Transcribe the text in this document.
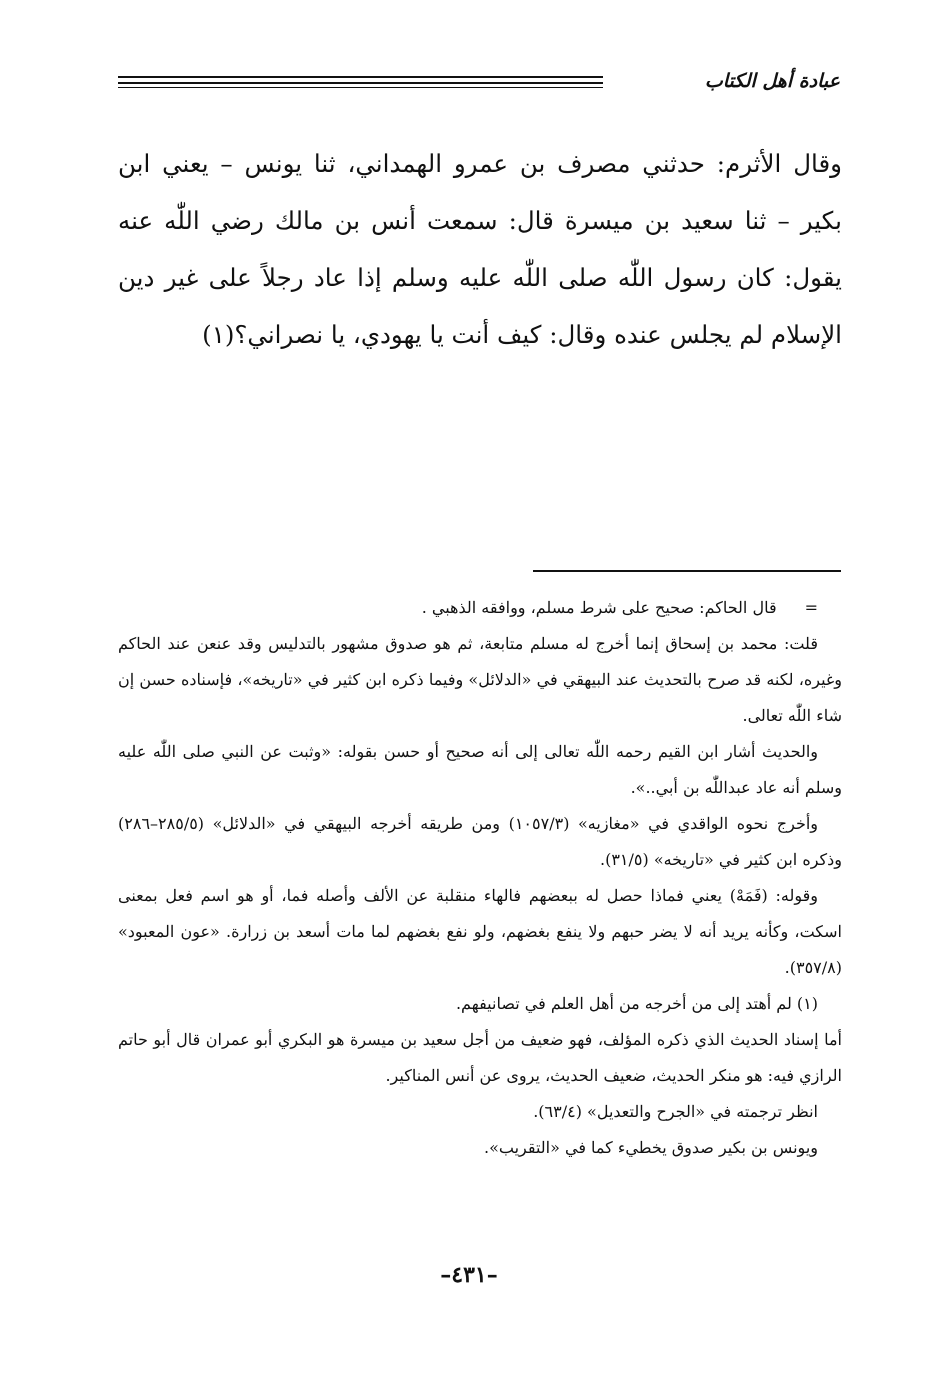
عبادة أهل الكتاب

وقال الأثرم: حدثني مصرف بن عمرو الهمداني، ثنا يونس – يعني ابن بكير – ثنا سعيد بن ميسرة قال: سمعت أنس بن مالك رضي اللّٰه عنه يقول: كان رسول اللّٰه صلى اللّٰه عليه وسلم إذا عاد رجلاً على غير دين الإسلام لم يجلس عنده وقال: كيف أنت يا يهودي، يا نصراني؟(١)

=قال الحاكم: صحيح على شرط مسلم، ووافقه الذهبي .

قلت: محمد بن إسحاق إنما أخرج له مسلم متابعة، ثم هو صدوق مشهور بالتدليس وقد عنعن عند الحاكم وغيره، لكنه قد صرح بالتحديث عند البيهقي في «الدلائل» وفيما ذكره ابن كثير في «تاريخه»، فإسناده حسن إن شاء اللّٰه تعالى.

والحديث أشار ابن القيم رحمه اللّٰه تعالى إلى أنه صحيح أو حسن بقوله: «وثبت عن النبي صلى اللّٰه عليه وسلم أنه عاد عبداللّٰه بن أبي..».

وأخرج نحوه الواقدي في «مغازيه» (١٠٥٧/٣) ومن طريقه أخرجه البيهقي في «الدلائل» (٢٨٥/٥–٢٨٦) وذكره ابن كثير في «تاريخه» (٣١/٥).

وقوله: (فَمَهْ) يعني فماذا حصل له ببعضهم فالهاء منقلبة عن الألف وأصله فما، أو هو اسم فعل بمعنى اسكت، وكأنه يريد أنه لا يضر حبهم ولا ينفع بغضهم، ولو نفع بغضهم لما مات أسعد بن زرارة. «عون المعبود» (٣٥٧/٨).

(١) لم أهتد إلى من أخرجه من أهل العلم في تصانيفهم.

أما إسناد الحديث الذي ذكره المؤلف، فهو ضعيف من أجل سعيد بن ميسرة هو البكري أبو عمران قال أبو حاتم الرازي فيه: هو منكر الحديث، ضعيف الحديث، يروى عن أنس المناكير.

انظر ترجمته في «الجرح والتعديل» (٦٣/٤).

ويونس بن بكير صدوق يخطيء كما في «التقريب».

–٤٣١–
